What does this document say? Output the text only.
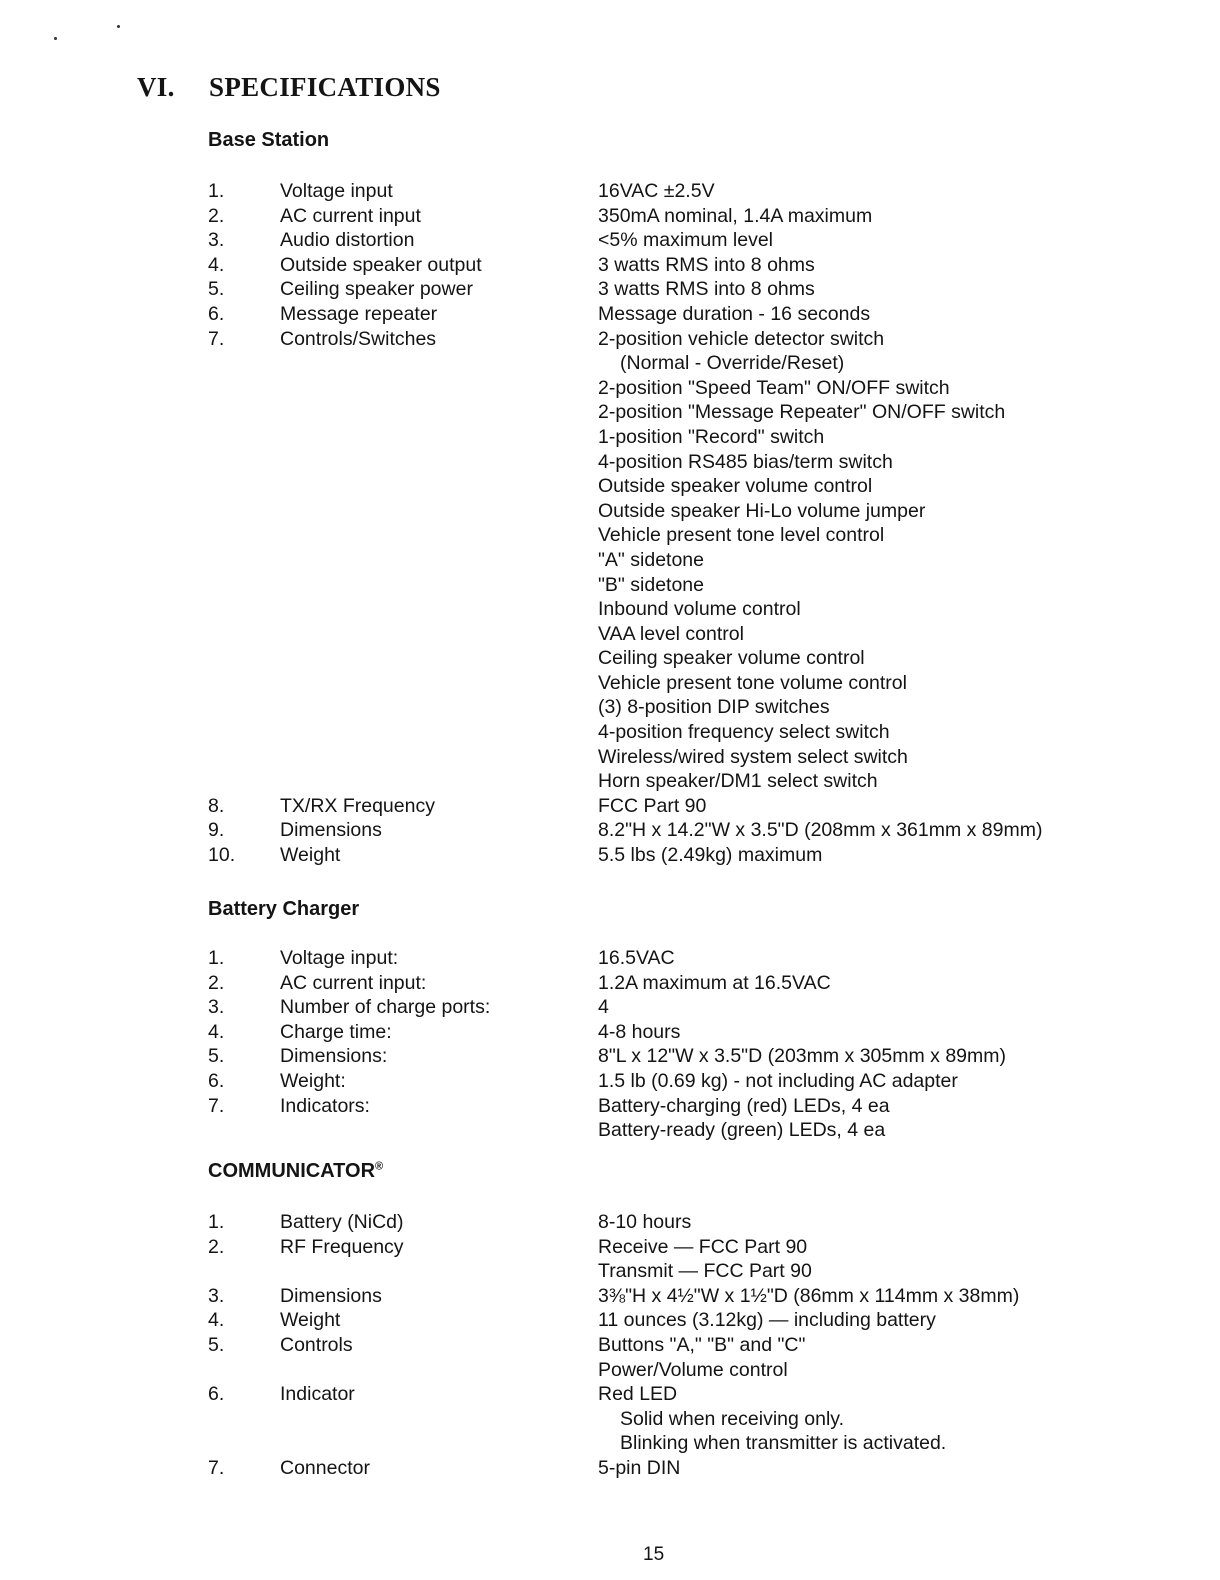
VI. SPECIFICATIONS
Base Station
1.	Voltage input	16VAC ±2.5V
2.	AC current input	350mA nominal, 1.4A maximum
3.	Audio distortion	<5% maximum level
4.	Outside speaker output	3 watts RMS into 8 ohms
5.	Ceiling speaker power	3 watts RMS into 8 ohms
6.	Message repeater	Message duration - 16 seconds
7.	Controls/Switches	2-position vehicle detector switch
(Normal - Override/Reset)
2-position "Speed Team" ON/OFF switch
2-position "Message Repeater" ON/OFF switch
1-position "Record" switch
4-position RS485 bias/term switch
Outside speaker volume control
Outside speaker Hi-Lo volume jumper
Vehicle present tone level control
"A" sidetone
"B" sidetone
Inbound volume control
VAA level control
Ceiling speaker volume control
Vehicle present tone volume control
(3) 8-position DIP switches
4-position frequency select switch
Wireless/wired system select switch
Horn speaker/DM1 select switch
8.	TX/RX Frequency	FCC Part 90
9.	Dimensions	8.2"H x 14.2"W x 3.5"D (208mm x 361mm x 89mm)
10. Weight	5.5 lbs (2.49kg) maximum
Battery Charger
1.	Voltage input:	16.5VAC
2.	AC current input:	1.2A maximum at 16.5VAC
3.	Number of charge ports:	4
4.	Charge time:	4-8 hours
5.	Dimensions:	8"L x 12"W x 3.5"D (203mm x 305mm x 89mm)
6.	Weight:	1.5 lb (0.69 kg) - not including AC adapter
7.	Indicators:	Battery-charging (red) LEDs, 4 ea
Battery-ready (green) LEDs, 4 ea
COMMUNICATOR®
1.	Battery (NiCd)	8-10 hours
2.	RF Frequency	Receive — FCC Part 90
Transmit — FCC Part 90
3.	Dimensions	3⅜"H x 4½"W x 1½"D (86mm x 114mm x 38mm)
4.	Weight	11 ounces (3.12kg) — including battery
5.	Controls	Buttons "A," "B" and "C"
Power/Volume control
6.	Indicator	Red LED
Solid when receiving only.
Blinking when transmitter is activated.
7.	Connector	5-pin DIN
15
